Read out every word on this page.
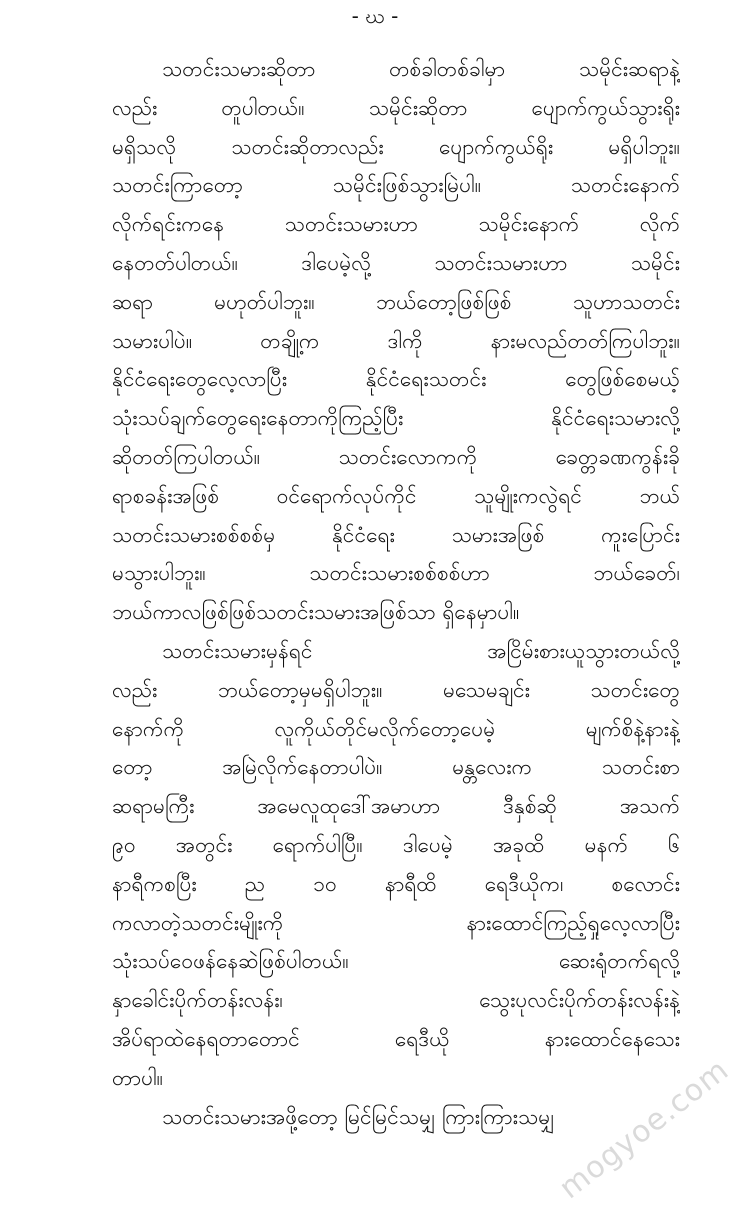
- ဃ -
သတင်းသမားဆိုတာ တစ်ခါတစ်ခါမှာ သမိုင်းဆရာနဲ့
လည်း တူပါတယ်။ သမိုင်းဆိုတာ ပျောက်ကွယ်သွားရိုး
မရှိသလို သတင်းဆိုတာလည်း ပျောက်ကွယ်ရိုး မရှိပါဘူး။
သတင်းကြာတော့ သမိုင်းဖြစ်သွားမြဲပါ။ သတင်းနောက်
လိုက်ရင်းကနေ သတင်းသမားဟာ သမိုင်းနောက် လိုက်
နေတတ်ပါတယ်။ ဒါပေမဲ့လို့ သတင်းသမားဟာ သမိုင်း
ဆရာ မဟုတ်ပါဘူး။ ဘယ်တော့ဖြစ်ဖြစ် သူဟာသတင်း
သမားပါပဲ။ တချို့က ဒါကို နားမလည်တတ်ကြပါဘူး။
နိုင်ငံရေးတွေလေ့လာပြီး နိုင်ငံရေးသတင်း တွေဖြစ်စေမယ့်
သုံးသပ်ချက်တွေရေးနေတာကိုကြည့်ပြီး နိုင်ငံရေးသမားလို့
ဆိုတတ်ကြပါတယ်။ သတင်းလောကကို ခေတ္တခဏကွန်းခို
ရာစခန်းအဖြစ် ဝင်ရောက်လုပ်ကိုင် သူမျိုးကလွဲရင် ဘယ်
သတင်းသမားစစ်စစ်မှ နိုင်ငံရေး သမားအဖြစ် ကူးပြောင်း
မသွားပါဘူး။ သတင်းသမားစစ်စစ်ဟာ ဘယ်ခေတ်၊
ဘယ်ကာလဖြစ်ဖြစ်သတင်းသမားအဖြစ်သာ ရှိနေမှာပါ။
သတင်းသမားမှန်ရင် အငြိမ်းစားယူသွားတယ်လို့
လည်း ဘယ်တော့မှမရှိပါဘူး။ မသေမချင်း သတင်းတွေ
နောက်ကို လူကိုယ်တိုင်မလိုက်တော့ပေမဲ့ မျက်စိနဲ့နားနဲ့
တော့ အမြဲလိုက်နေတာပါပဲ။ မန္တလေးက သတင်းစာ
ဆရာမကြီး အမေလူထုဒေါ်အမာဟာ ဒီနှစ်ဆို အသက်
၉၀ အတွင်း ရောက်ပါပြီ။ ဒါပေမဲ့ အခုထိ မနက် ၆
နာရီကစပြီး ည ၁၀ နာရီထိ ရေဒီယိုက၊ စလောင်း
ကလာတဲ့သတင်းမျိုးကို နားထောင်ကြည့်ရှုလေ့လာပြီး
သုံးသပ်ဝေဖန်နေဆဲဖြစ်ပါတယ်။ ဆေးရုံတက်ရလို့
နှာခေါင်းပိုက်တန်းလန်း၊ သွေးပုလင်းပိုက်တန်းလန်းနဲ့
အိပ်ရာထဲနေရတာတောင် ရေဒီယို နားထောင်နေသေး
တာပါ။
သတင်းသမားအဖို့တော့ မြင်မြင်သမျှ ကြားကြားသမျှ
mogyoe.com
